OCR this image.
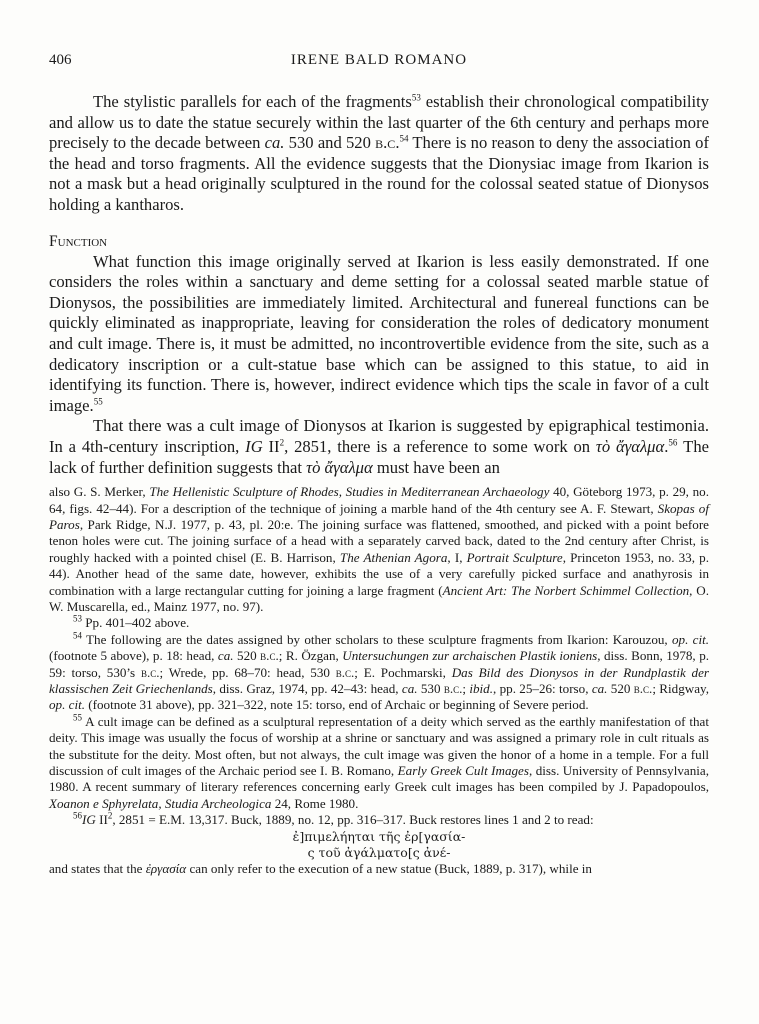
406	IRENE BALD ROMANO

The stylistic parallels for each of the fragments$^{53}$ establish their chronological compatibility and allow us to date the statue securely within the last quarter of the 6th century and perhaps more precisely to the decade between ca. 530 and 520 b.c.$^{54}$ There is no reason to deny the association of the head and torso fragments. All the evidence suggests that the Dionysiac image from Ikarion is not a mask but a head originally sculptured in the round for the colossal seated statue of Dionysos holding a kantharos.

Function

What function this image originally served at Ikarion is less easily demonstrated. If one considers the roles within a sanctuary and deme setting for a colossal seated marble statue of Dionysos, the possibilities are immediately limited. Architectural and funereal functions can be quickly eliminated as inappropriate, leaving for consideration the roles of dedicatory monument and cult image. There is, it must be admitted, no incontrovertible evidence from the site, such as a dedicatory inscription or a cult-statue base which can be assigned to this statue, to aid in identifying its function. There is, however, indirect evidence which tips the scale in favor of a cult image.$^{55}$

That there was a cult image of Dionysos at Ikarion is suggested by epigraphical testimonia. In a 4th-century inscription, IG $II^2$, 2851, there is a reference to some work on τὸ ἄγαλμα.$^{56}$ The lack of further definition suggests that τὸ ἄγαλμα must have been an

also G. S. Merker, The Hellenistic Sculpture of Rhodes, Studies in Mediterranean Archaeology 40, Göteborg 1973, p. 29, no. 64, figs. 42–44). For a description of the technique of joining a marble hand of the 4th century see A. F. Stewart, Skopas of Paros, Park Ridge, N.J. 1977, p. 43, pl. 20:e. The joining surface was flattened, smoothed, and picked with a point before tenon holes were cut. The joining surface of a head with a separately carved back, dated to the 2nd century after Christ, is roughly hacked with a pointed chisel (E. B. Harrison, The Athenian Agora, I, Portrait Sculpture, Princeton 1953, no. 33, p. 44). Another head of the same date, however, exhibits the use of a very carefully picked surface and anathyrosis in combination with a large rectangular cutting for joining a large fragment (Ancient Art: The Norbert Schimmel Collection, O. W. Muscarella, ed., Mainz 1977, no. 97).

$^{53}$ Pp. 401–402 above.

$^{54}$ The following are the dates assigned by other scholars to these sculpture fragments from Ikarion: Karouzou, op. cit. (footnote 5 above), p. 18: head, ca. 520 b.c.; R. Özgan, Untersuchungen zur archaischen Plastik ioniens, diss. Bonn, 1978, p. 59: torso, 530’s b.c.; Wrede, pp. 68–70: head, 530 b.c.; E. Pochmarski, Das Bild des Dionysos in der Rundplastik der klassischen Zeit Griechenlands, diss. Graz, 1974, pp. 42–43: head, ca. 530 b.c.; ibid., pp. 25–26: torso, ca. 520 b.c.; Ridgway, op. cit. (footnote 31 above), pp. 321–322, note 15: torso, end of Archaic or beginning of Severe period.

$^{55}$ A cult image can be defined as a sculptural representation of a deity which served as the earthly manifestation of that deity. This image was usually the focus of worship at a shrine or sanctuary and was assigned a primary role in cult rituals as the substitute for the deity. Most often, but not always, the cult image was given the honor of a home in a temple. For a full discussion of cult images of the Archaic period see I. B. Romano, Early Greek Cult Images, diss. University of Pennsylvania, 1980. A recent summary of literary references concerning early Greek cult images has been compiled by J. Papadopoulos, Xoanon e Sphyrelata, Studia Archeologica 24, Rome 1980.

$^{56}$IG $II^2$, 2851 = E.M. 13,317. Buck, 1889, no. 12, pp. 316–317. Buck restores lines 1 and 2 to read:

ἐ]πιμελήηται τῆς ἐρ[γασία-
ς τοῦ ἀγάλματο[ς ἀνέ-

and states that the ἐργασία can only refer to the execution of a new statue (Buck, 1889, p. 317), while in
